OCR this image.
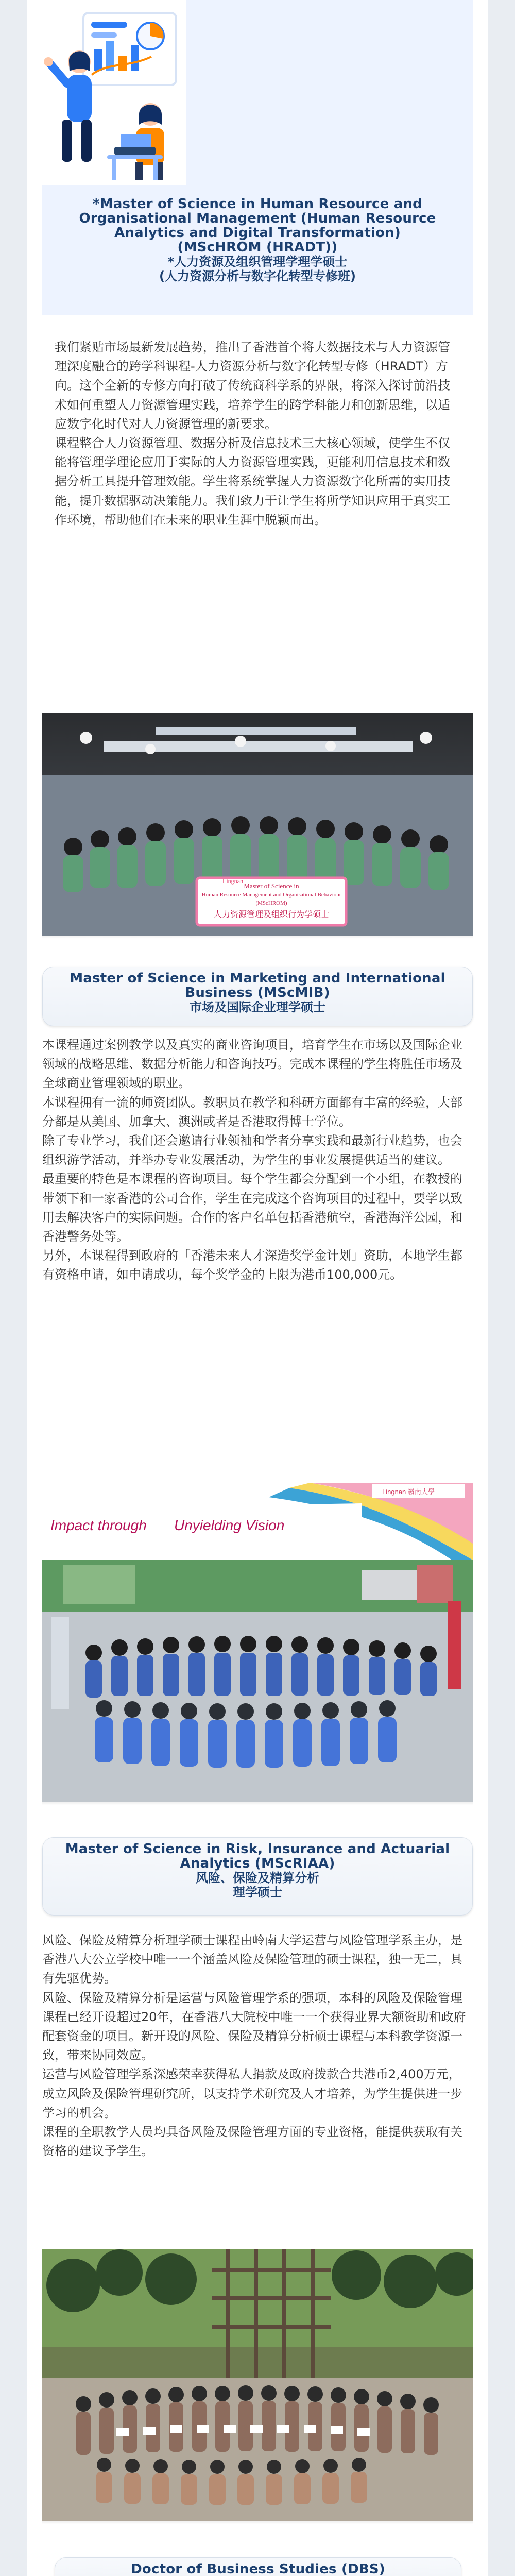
*Master of Science in Human Resource and Organisational Management (Human Resource Analytics and Digital Transformation)
(MScHROM (HRADT))
*人力资源及组织管理学理学硕士
(人力资源分析与数字化转型专修班)
我们紧贴市场最新发展趋势，推出了香港首个将大数据技术与人力资源管理深度融合的跨学科课程-人力资源分析与数字化转型专修（HRADT）方向。这个全新的专修方向打破了传统商科学系的界限，将深入探讨前沿技术如何重塑人力资源管理实践，培养学生的跨学科能力和创新思维，以适应数字化时代对人力资源管理的新要求。
课程整合人力资源管理、数据分析及信息技术三大核心领域，使学生不仅能将管理学理论应用于实际的人力资源管理实践，更能利用信息技术和数据分析工具提升管理效能。学生将系统掌握人力资源数字化所需的实用技能，提升数据驱动决策能力。我们致力于让学生将所学知识应用于真实工作环境，帮助他们在未来的职业生涯中脱颖而出。
Master of Science in
Human Resource Management and Organisational Behaviour
(MScHROM)
人力资源管理及组织行为学硕士
Lingnan
Master of Science in Marketing and International Business (MScMIB)
市场及国际企业理学硕士
本课程通过案例教学以及真实的商业咨询项目，培育学生在市场以及国际企业领域的战略思维、数据分析能力和咨询技巧。完成本课程的学生将胜任市场及全球商业管理领域的职业。
本课程拥有一流的师资团队。教职员在教学和科研方面都有丰富的经验，大部分都是从美国、加拿大、澳洲或者是香港取得博士学位。
除了专业学习，我们还会邀请行业领袖和学者分享实践和最新行业趋势，也会组织游学活动，并举办专业发展活动，为学生的事业发展提供适当的建议。
最重要的特色是本课程的咨询项目。每个学生都会分配到一个小组，在教授的带领下和一家香港的公司合作，学生在完成这个咨询项目的过程中，要学以致用去解决客户的实际问题。合作的客户名单包括香港航空，香港海洋公园，和香港警务处等。
另外，本课程得到政府的「香港未来人才深造奖学金计划」资助，本地学生都有资格申请，如申请成功，每个奖学金的上限为港币100,000元。
Impact through Unyielding Vision
Lingnan 嶺南大學
Master of Science in Risk, Insurance and Actuarial Analytics (MScRIAA)
风险、保险及精算分析
理学硕士
风险、保险及精算分析理学硕士课程由岭南大学运营与风险管理学系主办，是香港八大公立学校中唯一一个涵盖风险及保险管理的硕士课程，独一无二，具有先驱优势。
风险、保险及精算分析是运营与风险管理学系的强项，本科的风险及保险管理课程已经开设超过20年，在香港八大院校中唯一一个获得业界大额资助和政府配套资金的项目。新开设的风险、保险及精算分析硕士课程与本科教学资源一致，带来协同效应。
运营与风险管理学系深感荣幸获得私人捐款及政府拨款合共港币2,400万元，成立风险及保险管理研究所，以支持学术研究及人才培养，为学生提供进一步学习的机会。
课程的全职教学人员均具备风险及保险管理方面的专业资格，能提供获取有关资格的建议予学生。
Doctor of Business Studies (DBS)
